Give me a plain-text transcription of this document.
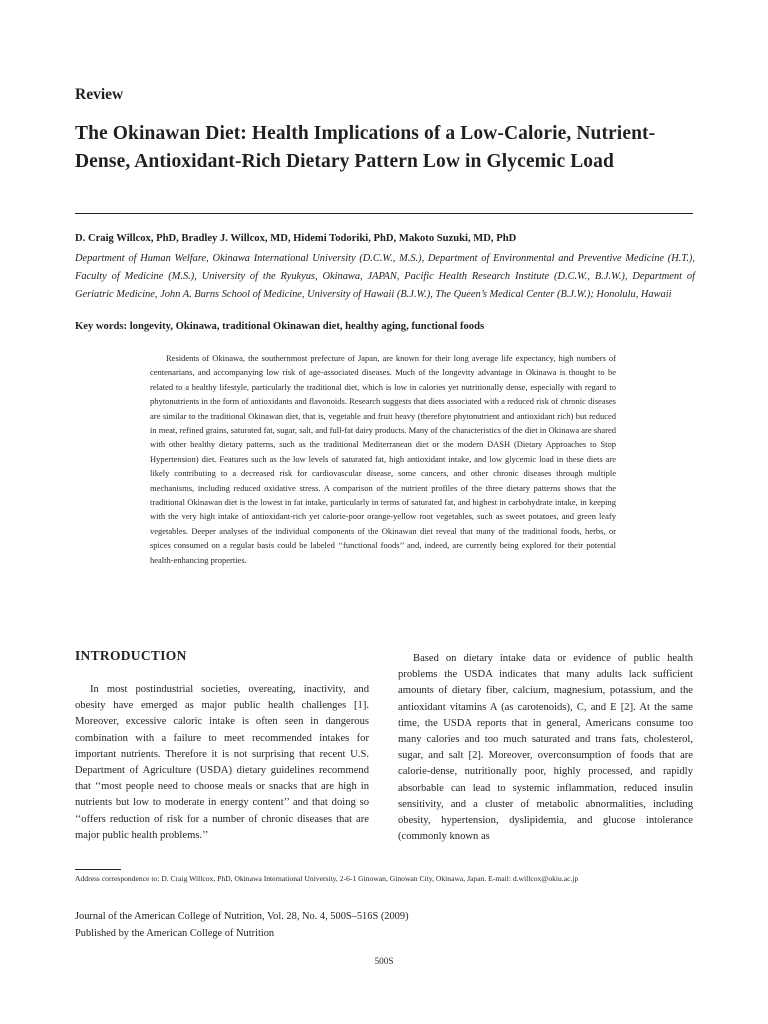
Review

The Okinawan Diet: Health Implications of a Low-Calorie, Nutrient-Dense, Antioxidant-Rich Dietary Pattern Low in Glycemic Load

D. Craig Willcox, PhD, Bradley J. Willcox, MD, Hidemi Todoriki, PhD, Makoto Suzuki, MD, PhD

Department of Human Welfare, Okinawa International University (D.C.W., M.S.), Department of Environmental and Preventive Medicine (H.T.), Faculty of Medicine (M.S.), University of the Ryukyus, Okinawa, JAPAN, Pacific Health Research Institute (D.C.W., B.J.W.), Department of Geriatric Medicine, John A. Burns School of Medicine, University of Hawaii (B.J.W.), The Queen’s Medical Center (B.J.W.); Honolulu, Hawaii

Key words: longevity, Okinawa, traditional Okinawan diet, healthy aging, functional foods

Residents of Okinawa, the southernmost prefecture of Japan, are known for their long average life expectancy, high numbers of centenarians, and accompanying low risk of age-associated diseases. Much of the longevity advantage in Okinawa is thought to be related to a healthy lifestyle, particularly the traditional diet, which is low in calories yet nutritionally dense, especially with regard to phytonutrients in the form of antioxidants and flavonoids. Research suggests that diets associated with a reduced risk of chronic diseases are similar to the traditional Okinawan diet, that is, vegetable and fruit heavy (therefore phytonutrient and antioxidant rich) but reduced in meat, refined grains, saturated fat, sugar, salt, and full-fat dairy products. Many of the characteristics of the diet in Okinawa are shared with other healthy dietary patterns, such as the traditional Mediterranean diet or the modern DASH (Dietary Approaches to Stop Hypertension) diet. Features such as the low levels of saturated fat, high antioxidant intake, and low glycemic load in these diets are likely contributing to a decreased risk for cardiovascular disease, some cancers, and other chronic diseases through multiple mechanisms, including reduced oxidative stress. A comparison of the nutrient profiles of the three dietary patterns shows that the traditional Okinawan diet is the lowest in fat intake, particularly in terms of saturated fat, and highest in carbohydrate intake, in keeping with the very high intake of antioxidant-rich yet calorie-poor orange-yellow root vegetables, such as sweet potatoes, and green leafy vegetables. Deeper analyses of the individual components of the Okinawan diet reveal that many of the traditional foods, herbs, or spices consumed on a regular basis could be labeled ‘‘functional foods’’ and, indeed, are currently being explored for their potential health-enhancing properties.

INTRODUCTION

In most postindustrial societies, overeating, inactivity, and obesity have emerged as major public health challenges [1]. Moreover, excessive caloric intake is often seen in dangerous combination with a failure to meet recommended intakes for important nutrients. Therefore it is not surprising that recent U.S. Department of Agriculture (USDA) dietary guidelines recommend that ‘‘most people need to choose meals or snacks that are high in nutrients but low to moderate in energy content’’ and that doing so ‘‘offers reduction of risk for a number of chronic diseases that are major public health problems.’’

Based on dietary intake data or evidence of public health problems the USDA indicates that many adults lack sufficient amounts of dietary fiber, calcium, magnesium, potassium, and the antioxidant vitamins A (as carotenoids), C, and E [2]. At the same time, the USDA reports that in general, Americans consume too many calories and too much saturated and trans fats, cholesterol, sugar, and salt [2]. Moreover, overconsumption of foods that are calorie-dense, nutritionally poor, highly processed, and rapidly absorbable can lead to systemic inflammation, reduced insulin sensitivity, and a cluster of metabolic abnormalities, including obesity, hypertension, dyslipidemia, and glucose intolerance (commonly known as

Address correspondence to: D. Craig Willcox, PhD, Okinawa International University, 2-6-1 Ginowan, Ginowan City, Okinawa, Japan. E-mail: d.willcox@okiu.ac.jp

Journal of the American College of Nutrition, Vol. 28, No. 4, 500S–516S (2009)
Published by the American College of Nutrition

500S
